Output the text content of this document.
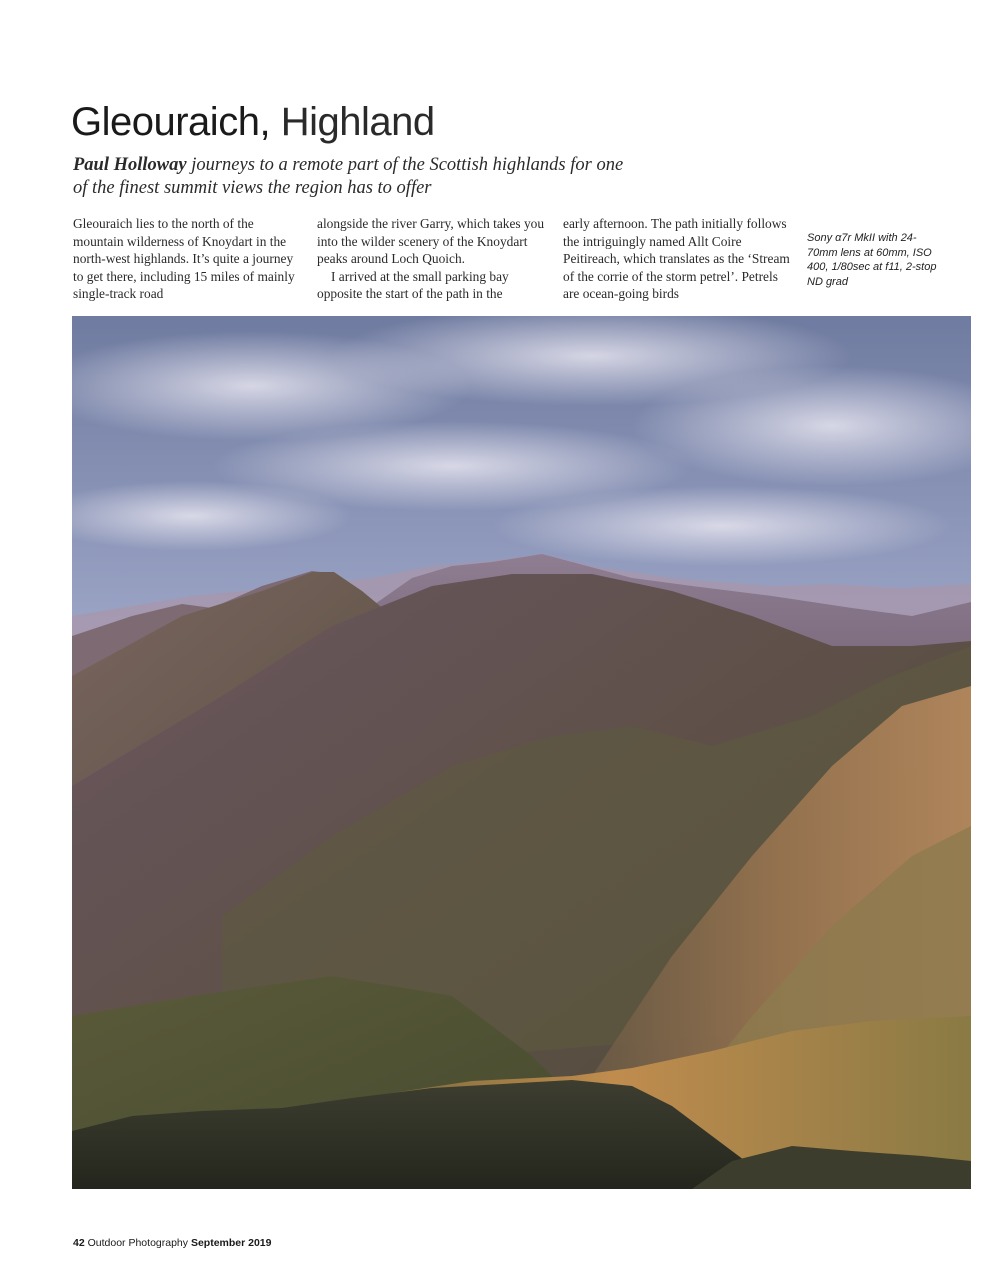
Gleouraich, Highland
Paul Holloway journeys to a remote part of the Scottish highlands for one of the finest summit views the region has to offer

Gleouraich lies to the north of the mountain wilderness of Knoydart in the north-west highlands. It’s quite a journey to get there, including 15 miles of mainly single-track road

alongside the river Garry, which takes you into the wilder scenery of the Knoydart peaks around Loch Quoich.

I arrived at the small parking bay opposite the start of the path in the

early afternoon. The path initially follows the intriguingly named Allt Coire Peitireach, which translates as the ‘Stream of the corrie of the storm petrel’. Petrels are ocean-going birds

Sony α7r MkII with 24-70mm lens at 60mm, ISO 400, 1/80sec at f11, 2-stop ND grad
42 Outdoor Photography September 2019
